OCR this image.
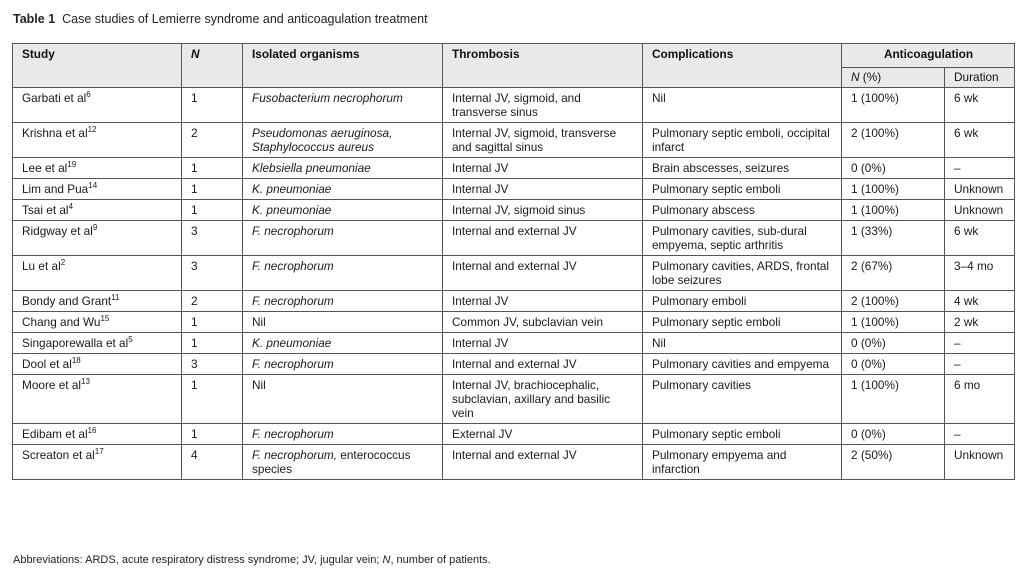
Table 1 Case studies of Lemierre syndrome and anticoagulation treatment
Study	N	Isolated organisms	Thrombosis	Complications	Anticoagulation	
					N (%)	Duration
Garbati et $al^6$	1	Fusobacterium necrophorum	Internal JV, sigmoid, and transverse sinus	Nil	1 (100%)	6 wk
Krishna et $al^{12}$	2	Pseudomonas aeruginosa, Staphylococcus aureus	Internal JV, sigmoid, transverse and sagittal sinus	Pulmonary septic emboli, occipital infarct	2 (100%)	6 wk
Lee et $al^{19}$	1	Klebsiella pneumoniae	Internal JV	Brain abscesses, seizures	0 (0%)	–
Lim and Pua$^{14}$	1	K. pneumoniae	Internal JV	Pulmonary septic emboli	1 (100%)	Unknown
Tsai et $al^4$	1	K. pneumoniae	Internal JV, sigmoid sinus	Pulmonary abscess	1 (100%)	Unknown
Ridgway et $al^9$	3	F. necrophorum	Internal and external JV	Pulmonary cavities, sub-dural empyema, septic arthritis	1 (33%)	6 wk
Lu et $al^2$	3	F. necrophorum	Internal and external JV	Pulmonary cavities, ARDS, frontal lobe seizures	2 (67%)	3–4 mo
Bondy and Grant$^{11}$	2	F. necrophorum	Internal JV	Pulmonary emboli	2 (100%)	4 wk
Chang and Wu$^{15}$	1	Nil	Common JV, subclavian vein	Pulmonary septic emboli	1 (100%)	2 wk
Singaporewalla et $al^5$	1	K. pneumoniae	Internal JV	Nil	0 (0%)	–
Dool et $al^{18}$	3	F. necrophorum	Internal and external JV	Pulmonary cavities and empyema	0 (0%)	–
Moore et $al^{13}$	1	Nil	Internal JV, brachiocephalic, subclavian, axillary and basilic vein	Pulmonary cavities	1 (100%)	6 mo
Edibam et $al^{16}$	1	F. necrophorum	External JV	Pulmonary septic emboli	0 (0%)	–
Screaton et $al^{17}$	4	F. necrophorum, enterococcus species	Internal and external JV	Pulmonary empyema and infarction	2 (50%)	Unknown
Abbreviations: ARDS, acute respiratory distress syndrome; JV, jugular vein; N, number of patients.
